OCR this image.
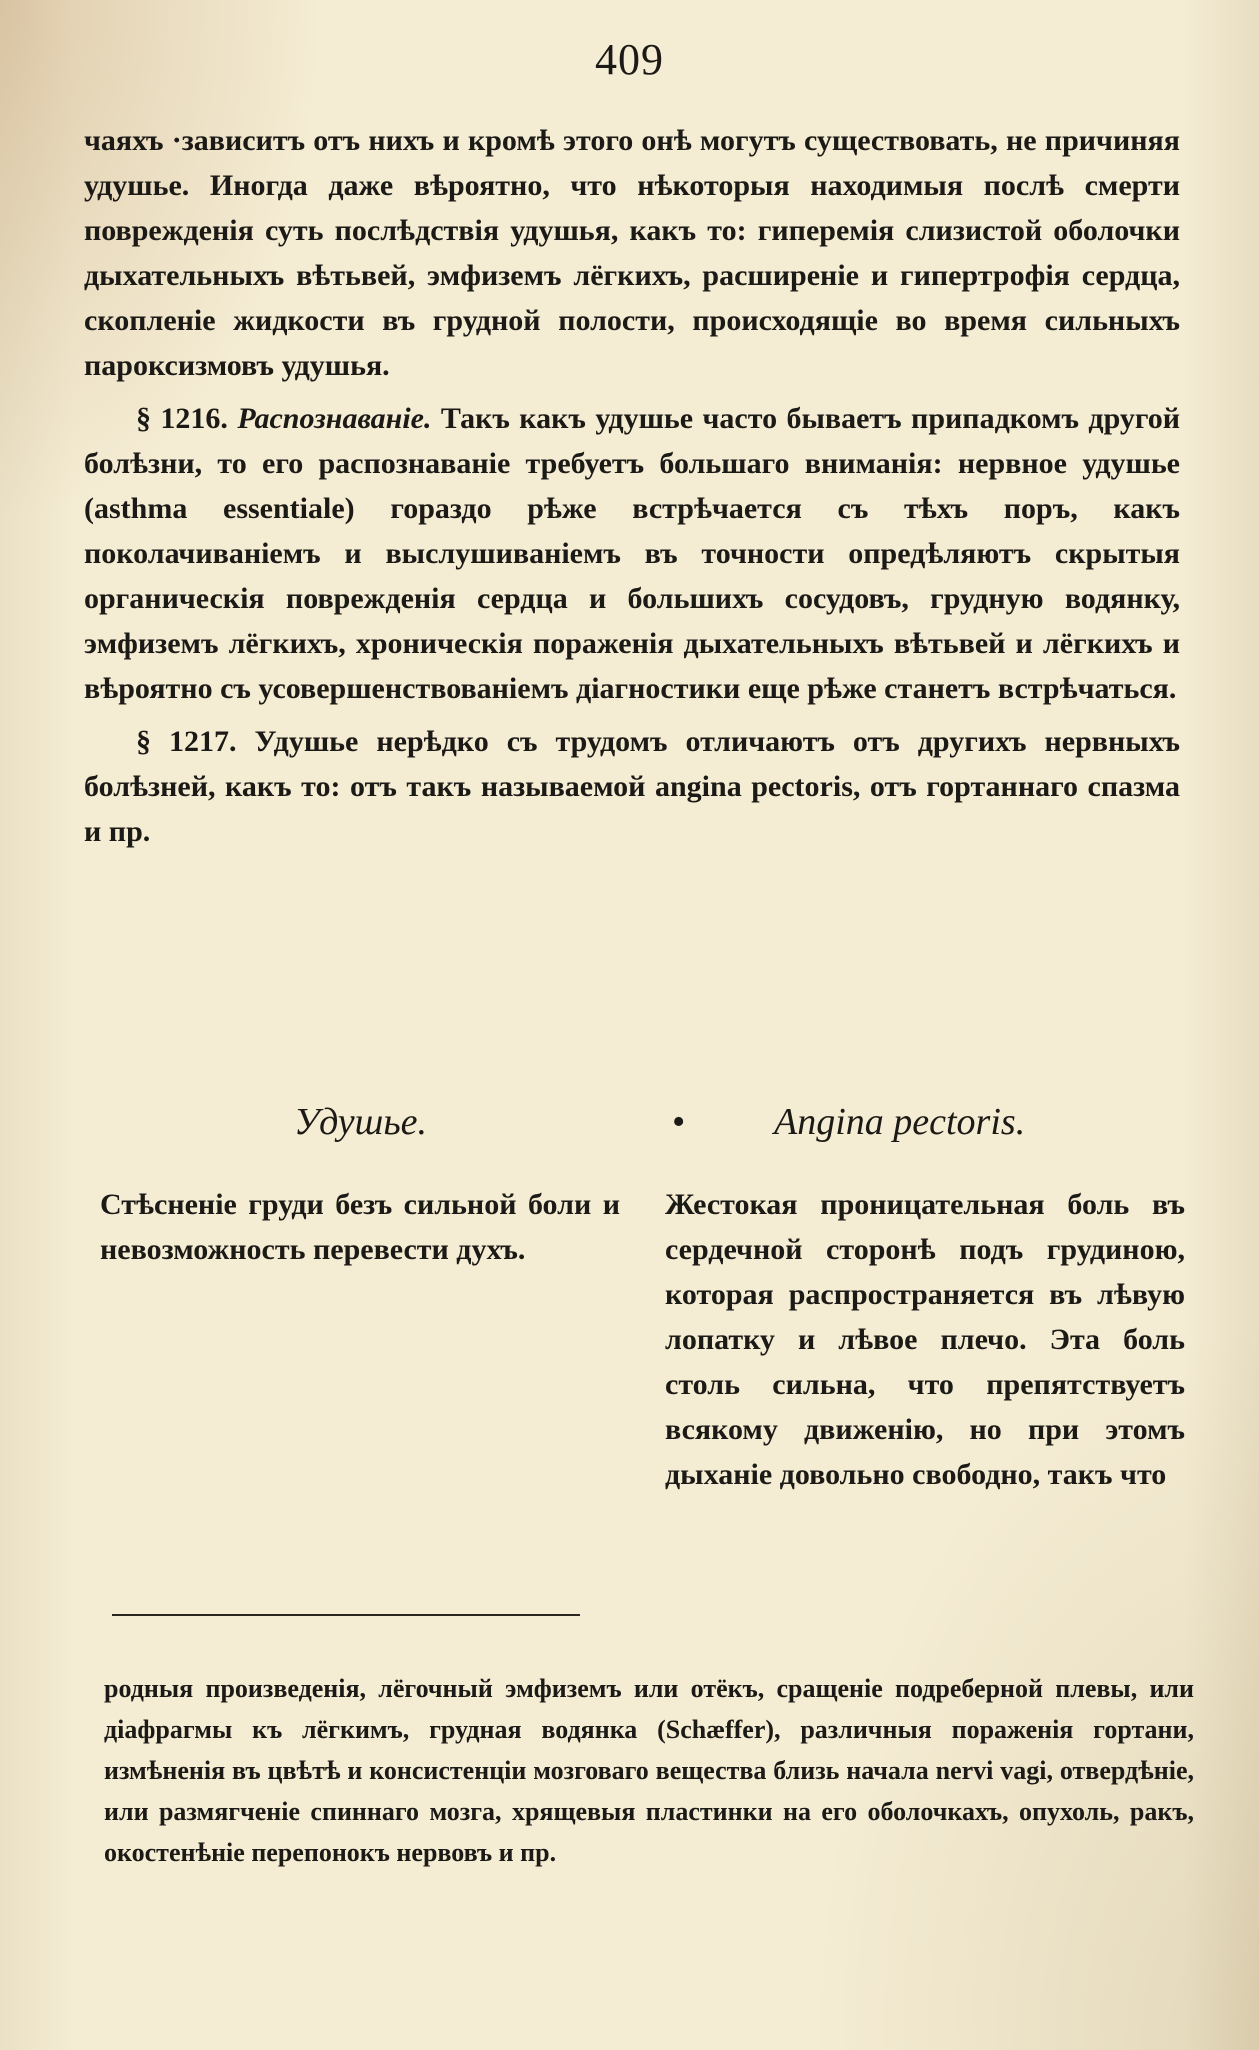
409

чаяхъ ·зависитъ отъ нихъ и кромѣ этого онѣ могутъ существовать, не причиняя удушье. Иногда даже вѣроятно, что нѣкоторыя находимыя послѣ смерти поврежденія суть послѣдствія удушья, какъ то: гиперемія слизистой оболочки дыхательныхъ вѣтьвей, эмфиземъ лёгкихъ, расширеніе и гипертрофія сердца, скопленіе жидкости въ грудной полости, происходящіе во время сильныхъ пароксизмовъ удушья.

§ 1216. Распознаваніе. Такъ какъ удушье часто бываетъ припадкомъ другой болѣзни, то его распознаваніе требуетъ большаго вниманія: нервное удушье (asthma essentiale) гораздо рѣже встрѣчается съ тѣхъ поръ, какъ поколачиваніемъ и выслушиваніемъ въ точности опредѣляютъ скрытыя органическія поврежденія сердца и большихъ сосудовъ, грудную водянку, эмфиземъ лёгкихъ, хроническія пораженія дыхательныхъ вѣтьвей и лёгкихъ и вѣроятно съ усовершенствованіемъ діагностики еще рѣже станетъ встрѣчаться.

§ 1217. Удушье нерѣдко съ трудомъ отличаютъ отъ другихъ нервныхъ болѣзней, какъ то: отъ такъ называемой angina pectoris, отъ гортаннаго спазма и пр.

Удушье.	• Angina pectoris.
Стѣсненіе груди безъ сильной боли и невозможность перевести духъ.
Жестокая проницательная боль въ сердечной сторонѣ подъ грудиною, которая распространяется въ лѣвую лопатку и лѣвое плечо. Эта боль столь сильна, что препятствуетъ всякому движенію, но при этомъ дыханіе довольно свободно, такъ что
родныя произведенія, лёгочный эмфиземъ или отёкъ, сращеніе подреберной плевы, или діафрагмы къ лёгкимъ, грудная водянка (Schæffer), различныя пораженія гортани, измѣненія въ цвѣтѣ и консистенціи мозговаго вещества близь начала nervi vagi, отвердѣніе, или размягченіе спиннаго мозга, хрящевыя пластинки на его оболочкахъ, опухоль, ракъ, окостенѣніе перепонокъ нервовъ и пр.
